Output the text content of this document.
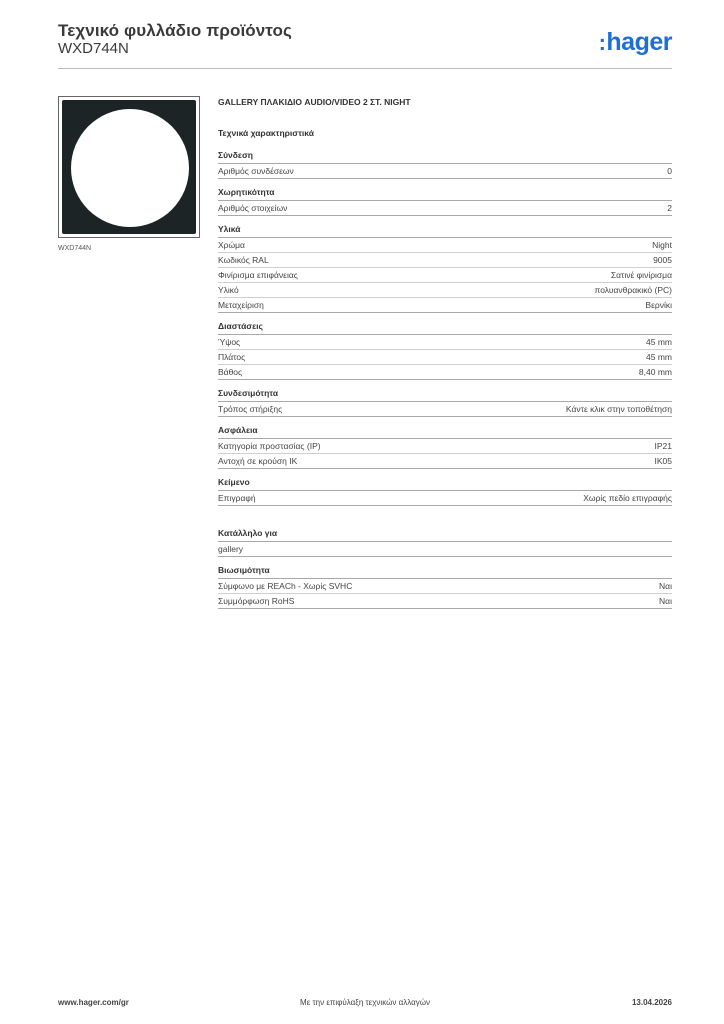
Τεχνικό φυλλάδιο προϊόντος
WXD744N	:hager
WXD744N
GALLERY ΠΛΑΚΙΔΙΟ AUDIO/VIDEO 2 ΣΤ. NIGHT
Τεχνικά χαρακτηριστικά
Σύνδεση
Αριθμός συνδέσεων	0
Χωρητικότητα
Αριθμός στοιχείων	2
Υλικά
Χρώμα	Night
Κωδικός RAL	9005
Φινίρισμα επιφάνειας	Σατινέ φινίρισμα
Υλικό	πολυανθρακικό (PC)
Μεταχείριση	Βερνίκι
Διαστάσεις
Ύψος	45 mm
Πλάτος	45 mm
Βάθος	8,40 mm
Συνδεσιμότητα
Τρόπος στήριξης	Κάντε κλικ στην τοποθέτηση
Ασφάλεια
Κατηγορία προστασίας (IP)	IP21
Αντοχή σε κρούση IK	IK05
Κείμενο
Επιγραφή	Χωρίς πεδίο επιγραφής
Κατάλληλο για
gallery
Βιωσιμότητα
Σύμφωνο με REACh - Χωρίς SVHC	Ναι
Συμμόρφωση RoHS	Ναι
www.hager.com/gr	Με την επιφύλαξη τεχνικών αλλαγών	13.04.2026
